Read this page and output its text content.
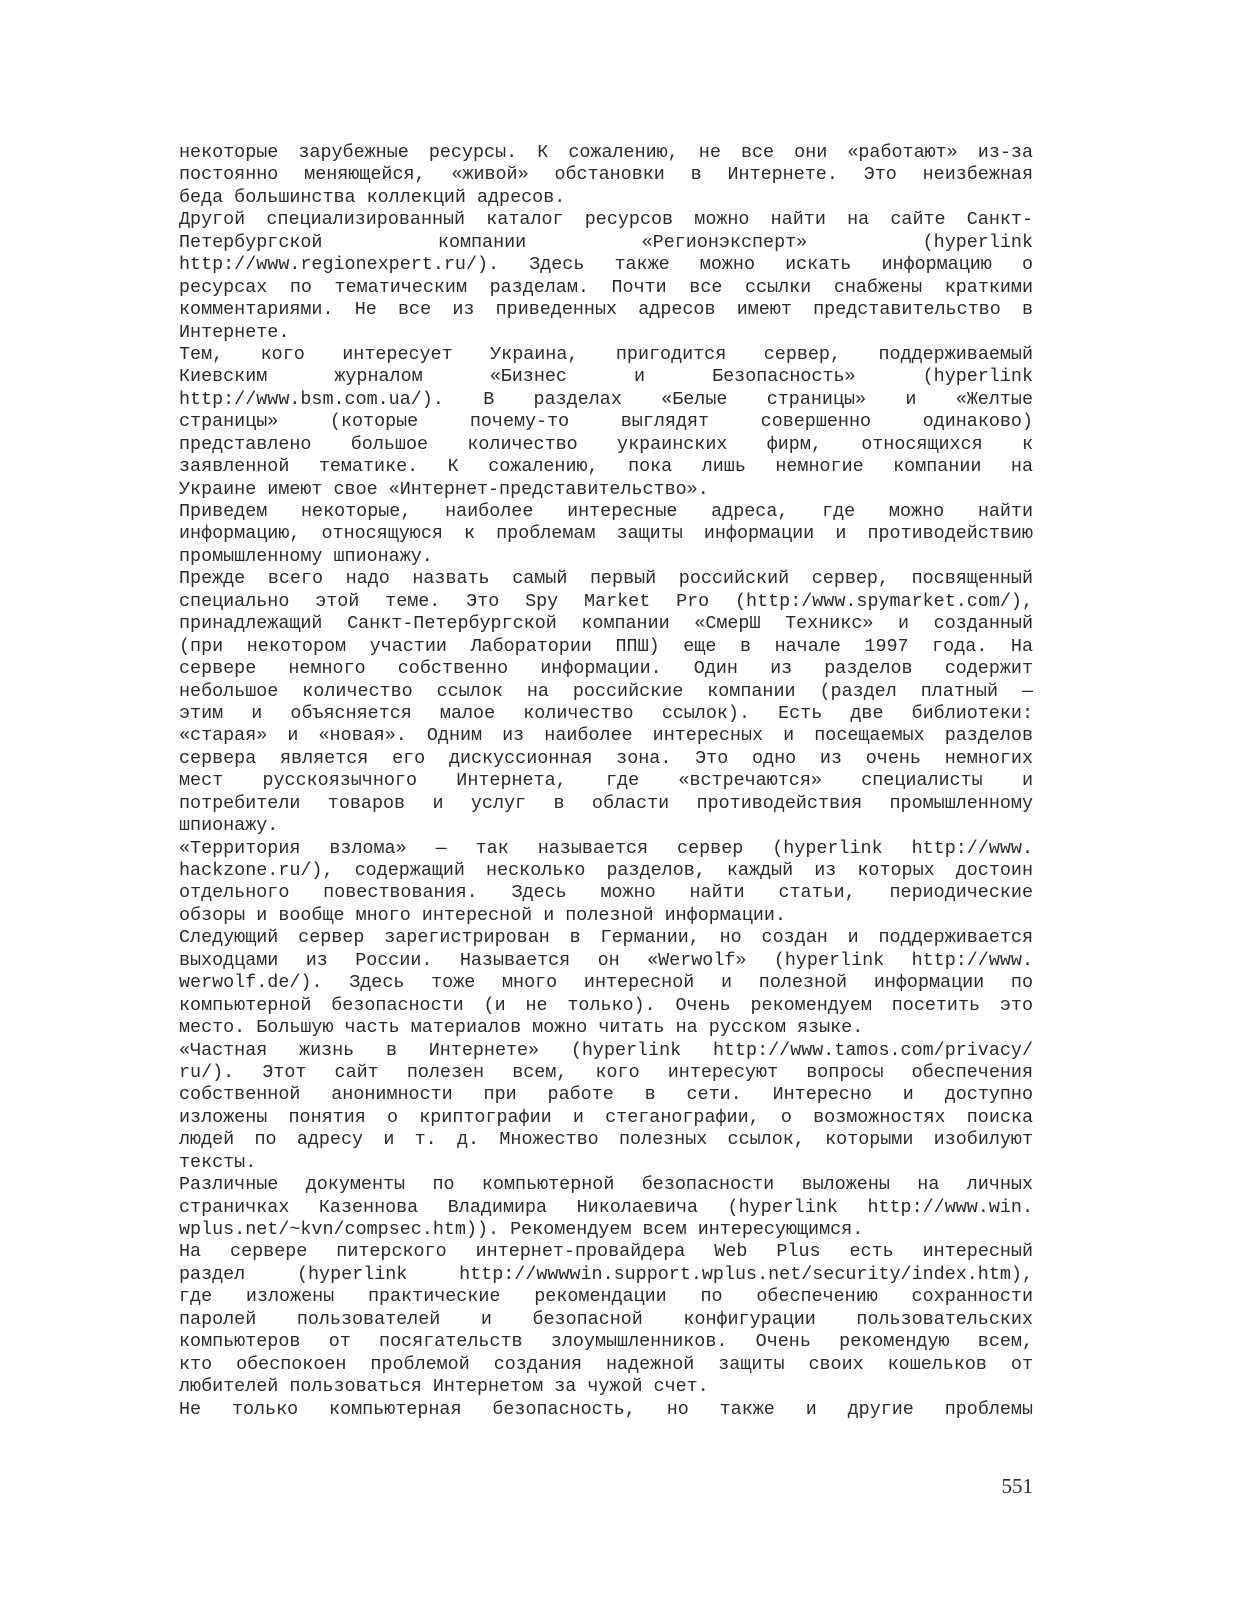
некоторые зарубежные ресурсы. К сожалению, не все они «работают» из-за
постоянно меняющейся, «живой» обстановки в Интернете. Это неизбежная
беда большинства коллекций адресов.
Другой специализированный каталог ресурсов можно найти на сайте Санкт-
Петербургской компании «Регионэксперт» (hyperlink
http://www.regionexpert.ru/). Здесь также можно искать информацию о
ресурсах по тематическим разделам. Почти все ссылки снабжены краткими
комментариями. Не все из приведенных адресов имеют представительство в
Интернете.
Тем, кого интересует Украина, пригодится сервер, поддерживаемый
Киевским журналом «Бизнес и Безопасность» (hyperlink
http://www.bsm.com.ua/). В разделах «Белые страницы» и «Желтые
страницы» (которые почему-то выглядят совершенно одинаково)
представлено большое количество украинских фирм, относящихся к
заявленной тематике. К сожалению, пока лишь немногие компании на
Украине имеют свое «Интернет-представительство».
Приведем некоторые, наиболее интересные адреса, где можно найти
информацию, относящуюся к проблемам защиты информации и противодействию
промышленному шпионажу.
Прежде всего надо назвать самый первый российский сервер, посвященный
специально этой теме. Это Spy Market Pro (http:/www.spymarket.com/),
принадлежащий Санкт-Петербургской компании «СмерШ Техникс» и созданный
(при некотором участии Лаборатории ППШ) еще в начале 1997 года. На
сервере немного собственно информации. Один из разделов содержит
небольшое количество ссылок на российские компании (раздел платный —
этим и объясняется малое количество ссылок). Есть две библиотеки:
«старая» и «новая». Одним из наиболее интересных и посещаемых разделов
сервера является его дискуссионная зона. Это одно из очень немногих
мест русскоязычного Интернета, где «встречаются» специалисты и
потребители товаров и услуг в области противодействия промышленному
шпионажу.
«Территория взлома» — так называется сервер (hyperlink http://www.
hackzone.ru/), содержащий несколько разделов, каждый из которых достоин
отдельного повествования. Здесь можно найти статьи, периодические
обзоры и вообще много интересной и полезной информации.
Следующий сервер зарегистрирован в Германии, но создан и поддерживается
выходцами из России. Называется он «Werwolf» (hyperlink http://www.
werwolf.de/). Здесь тоже много интересной и полезной информации по
компьютерной безопасности (и не только). Очень рекомендуем посетить это
место. Большую часть материалов можно читать на русском языке.
«Частная жизнь в Интернете» (hyperlink http://www.tamos.com/privacy/
ru/). Этот сайт полезен всем, кого интересуют вопросы обеспечения
собственной анонимности при работе в сети. Интересно и доступно
изложены понятия о криптографии и стеганографии, о возможностях поиска
людей по адресу и т. д. Множество полезных ссылок, которыми изобилуют
тексты.
Различные документы по компьютерной безопасности выложены на личных
страничках Казеннова Владимира Николаевича (hyperlink http://www.win.
wplus.net/~kvn/compsec.htm)). Рекомендуем всем интересующимся.
На сервере питерского интернет-провайдера Web Plus есть интересный
раздел (hyperlink http://wwwwin.support.wplus.net/security/index.htm),
где изложены практические рекомендации по обеспечению сохранности
паролей пользователей и безопасной конфигурации пользовательских
компьютеров от посягательств злоумышленников. Очень рекомендую всем,
кто обеспокоен проблемой создания надежной защиты своих кошельков от
любителей пользоваться Интернетом за чужой счет.
Не только компьютерная безопасность, но также и другие проблемы
551
